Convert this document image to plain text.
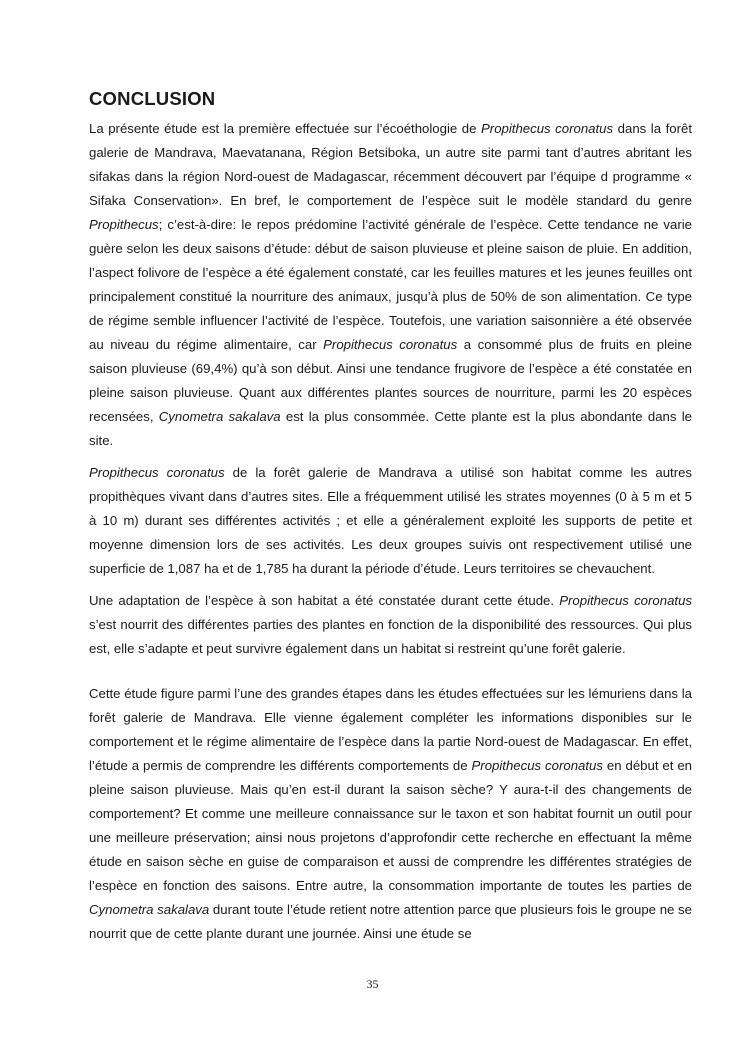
CONCLUSION

La présente étude est la première effectuée sur l’écoéthologie de Propithecus coronatus dans la forêt galerie de Mandrava, Maevatanana, Région Betsiboka, un autre site parmi tant d’autres abritant les sifakas dans la région Nord-ouest de Madagascar, récemment découvert par l’équipe d programme « Sifaka Conservation». En bref, le comportement de l’espèce suit le modèle standard du genre Propithecus; c’est-à-dire: le repos prédomine l’activité générale de l’espèce. Cette tendance ne varie guère selon les deux saisons d’étude: début de saison pluvieuse et pleine saison de pluie. En addition, l’aspect folivore de l’espèce a été également constaté, car les feuilles matures et les jeunes feuilles ont principalement constitué la nourriture des animaux, jusqu’à plus de 50% de son alimentation. Ce type de régime semble influencer l’activité de l’espèce. Toutefois, une variation saisonnière a été observée au niveau du régime alimentaire, car Propithecus coronatus a consommé plus de fruits en pleine saison pluvieuse (69,4%) qu’à son début. Ainsi une tendance frugivore de l’espèce a été constatée en pleine saison pluvieuse. Quant aux différentes plantes sources de nourriture, parmi les 20 espèces recensées, Cynometra sakalava est la plus consommée. Cette plante est la plus abondante dans le site.

Propithecus coronatus de la forêt galerie de Mandrava a utilisé son habitat comme les autres propithèques vivant dans d’autres sites. Elle a fréquemment utilisé les strates moyennes (0 à 5 m et 5 à 10 m) durant ses différentes activités ; et elle a généralement exploité les supports de petite et moyenne dimension lors de ses activités. Les deux groupes suivis ont respectivement utilisé une superficie de 1,087 ha et de 1,785 ha durant la période d’étude. Leurs territoires se chevauchent.

Une adaptation de l’espèce à son habitat a été constatée durant cette étude. Propithecus coronatus s’est nourrit des différentes parties des plantes en fonction de la disponibilité des ressources. Qui plus est, elle s’adapte et peut survivre également dans un habitat si restreint qu’une forêt galerie.

Cette étude figure parmi l’une des grandes étapes dans les études effectuées sur les lémuriens dans la forêt galerie de Mandrava. Elle vienne également compléter les informations disponibles sur le comportement et le régime alimentaire de l’espèce dans la partie Nord-ouest de Madagascar. En effet, l’étude a permis de comprendre les différents comportements de Propithecus coronatus en début et en pleine saison pluvieuse. Mais qu’en est-il durant la saison sèche? Y aura-t-il des changements de comportement? Et comme une meilleure connaissance sur le taxon et son habitat fournit un outil pour une meilleure préservation; ainsi nous projetons d’approfondir cette recherche en effectuant la même étude en saison sèche en guise de comparaison et aussi de comprendre les différentes stratégies de l’espèce en fonction des saisons. Entre autre, la consommation importante de toutes les parties de Cynometra sakalava durant toute l’étude retient notre attention parce que plusieurs fois le groupe ne se nourrit que de cette plante durant une journée. Ainsi une étude se

35
